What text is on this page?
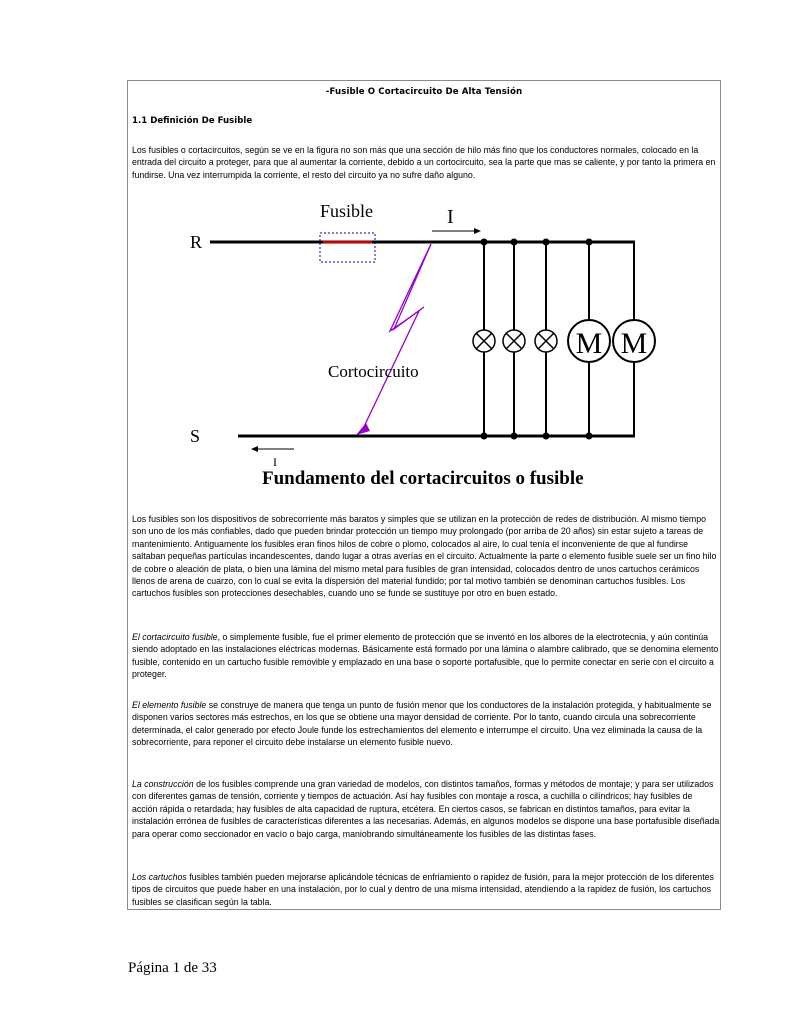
-Fusible O Cortacircuito De Alta Tensión
1.1 Definición De Fusible
Los fusibles o cortacircuitos, según se ve en la figura no son más que una sección de hilo más fino que los conductores normales, colocado en la entrada del circuito a proteger, para que al aumentar la corriente, debido a un cortocircuito, sea la parte que mas se caliente, y por tanto la primera en fundirse. Una vez interrumpida la corriente, el resto del circuito ya no sufre daño alguno.
Fusible	I
R
S
I
M M
Cortocircuito
Fundamento del cortacircuitos o fusible
Los fusibles son los dispositivos de sobrecorriente más baratos y simples que se utilizan en la protección de redes de distribución. Al mismo tiempo son uno de los más confiables, dado que pueden brindar protección un tiempo muy prolongado (por arriba de 20 años) sin estar sujeto a tareas de mantenimiento. Antiguamente los fusibles eran finos hilos de cobre o plomo, colocados al aire, lo cual tenía el inconveniente de que al fundirse saltaban pequeñas partículas incandescentes, dando lugar a otras averías en el circuito. Actualmente la parte o elemento fusible suele ser un fino hilo de cobre o aleación de plata, o bien una lámina del mismo metal para fusibles de gran intensidad, colocados dentro de unos cartuchos cerámicos llenos de arena de cuarzo, con lo cual se evita la dispersión del material fundido; por tal motivo también se denominan cartuchos fusibles. Los cartuchos fusibles son protecciones desechables, cuando uno se funde se sustituye por otro en buen estado.
El cortacircuito fusible, o simplemente fusible, fue el primer elemento de protección que se inventó en los albores de la electrotecnia, y aún continúa siendo adoptado en las instalaciones eléctricas modernas. Básicamente está formado por una lámina o alambre calibrado, que se denomina elemento fusible, contenido en un cartucho fusible removible y emplazado en una base o soporte portafusible, que lo permite conectar en serie con el circuito a proteger.
El elemento fusible se construye de manera que tenga un punto de fusión menor que los conductores de la instalación protegida, y habitualmente se disponen varios sectores más estrechos, en los que se obtiene una mayor densidad de corriente. Por lo tanto, cuando circula una sobrecorriente determinada, el calor generado por efecto Joule funde los estrechamientos del elemento e interrumpe el circuito. Una vez eliminada la causa de la sobrecorriente, para reponer el circuito debe instalarse un elemento fusible nuevo.
La construcción de los fusibles comprende una gran variedad de modelos, con distintos tamaños, formas y métodos de montaje; y para ser utilizados con diferentes gamas de tensión, corriente y tiempos de actuación. Así hay fusibles con montaje a rosca, a cuchilla o cilíndricos; hay fusibles de acción rápida o retardada; hay fusibles de alta capacidad de ruptura, etcétera. En ciertos casos, se fabrican en distintos tamaños, para evitar la instalación errónea de fusibles de características diferentes a las necesarias. Además, en algunos modelos se dispone una base portafusible diseñada para operar como seccionador en vacío o bajo carga, maniobrando simultáneamente los fusibles de las distintas fases.
Los cartuchos fusibles también pueden mejorarse aplicándole técnicas de enfriamiento o rapidez de fusión, para la mejor protección de los diferentes tipos de circuitos que puede haber en una instalación, por lo cual y dentro de una misma intensidad, atendiendo a la rapidez de fusión, los cartuchos fusibles se clasifican según la tabla.
Página 1 de 33
